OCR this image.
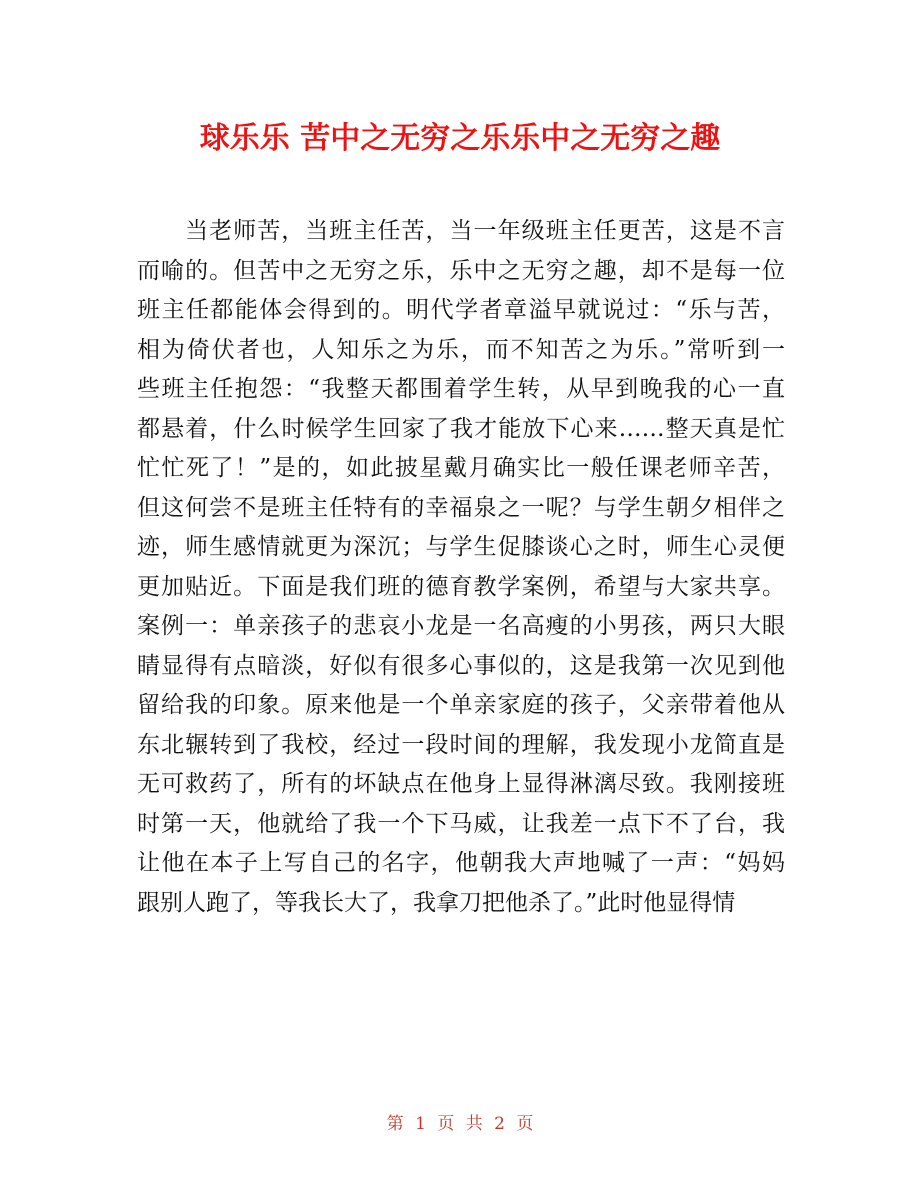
球乐乐 苦中之无穷之乐乐中之无穷之趣
　　当老师苦，当班主任苦，当一年级班主任更苦，这是不言
而喻的。但苦中之无穷之乐，乐中之无穷之趣，却不是每一位
班主任都能体会得到的。明代学者章溢早就说过：“乐与苦，
相为倚伏者也，人知乐之为乐，而不知苦之为乐。”常听到一
些班主任抱怨：“我整天都围着学生转，从早到晚我的心一直
都悬着，什么时候学生回家了我才能放下心来……整天真是忙
忙忙死了！”是的，如此披星戴月确实比一般任课老师辛苦，
但这何尝不是班主任特有的幸福泉之一呢？与学生朝夕相伴之
迹，师生感情就更为深沉；与学生促膝谈心之时，师生心灵便
更加贴近。下面是我们班的德育教学案例，希望与大家共享。
案例一：单亲孩子的悲哀小龙是一名高瘦的小男孩，两只大眼
睛显得有点暗淡，好似有很多心事似的，这是我第一次见到他
留给我的印象。原来他是一个单亲家庭的孩子，父亲带着他从
东北辗转到了我校，经过一段时间的理解，我发现小龙简直是
无可救药了，所有的坏缺点在他身上显得淋漓尽致。我刚接班
时第一天，他就给了我一个下马威，让我差一点下不了台，我
让他在本子上写自己的名字，他朝我大声地喊了一声：“妈妈
跟别人跑了，等我长大了，我拿刀把他杀了。”此时他显得情
第 1 页 共 2 页
